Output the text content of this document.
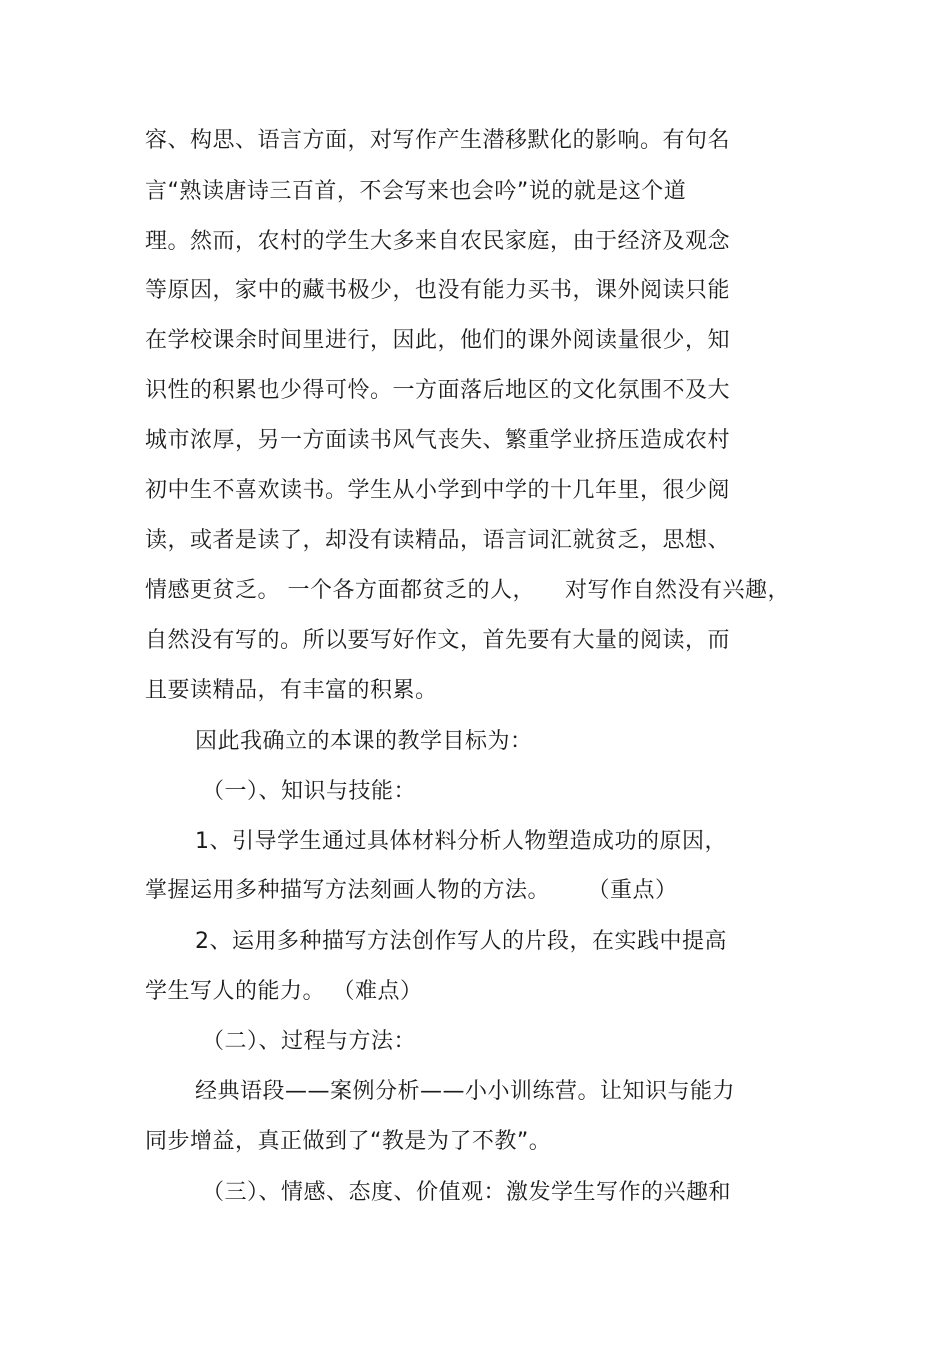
容、构思、语言方面，对写作产生潜移默化的影响。有句名
言“熟读唐诗三百首，不会写来也会吟”说的就是这个道
理。然而，农村的学生大多来自农民家庭，由于经济及观念
等原因，家中的藏书极少，也没有能力买书，课外阅读只能
在学校课余时间里进行，因此，他们的课外阅读量很少，知
识性的积累也少得可怜。一方面落后地区的文化氛围不及大
城市浓厚，另一方面读书风气丧失、繁重学业挤压造成农村
初中生不喜欢读书。学生从小学到中学的十几年里，很少阅
读，或者是读了，却没有读精品，语言词汇就贫乏，思想、
情感更贫乏。 一个各方面都贫乏的人，    对写作自然没有兴趣，
自然没有写的。所以要写好作文，首先要有大量的阅读，而
且要读精品，有丰富的积累。
因此我确立的本课的教学目标为：
（一）、知识与技能：
1、引导学生通过具体材料分析人物塑造成功的原因，
掌握运用多种描写方法刻画人物的方法。     （重点）
2、运用多种描写方法创作写人的片段，在实践中提高
学生写人的能力。 （难点）
（二）、过程与方法：
经典语段——案例分析——小小训练营。让知识与能力
同步增益，真正做到了“教是为了不教”。
（三）、情感、态度、价值观：激发学生写作的兴趣和
